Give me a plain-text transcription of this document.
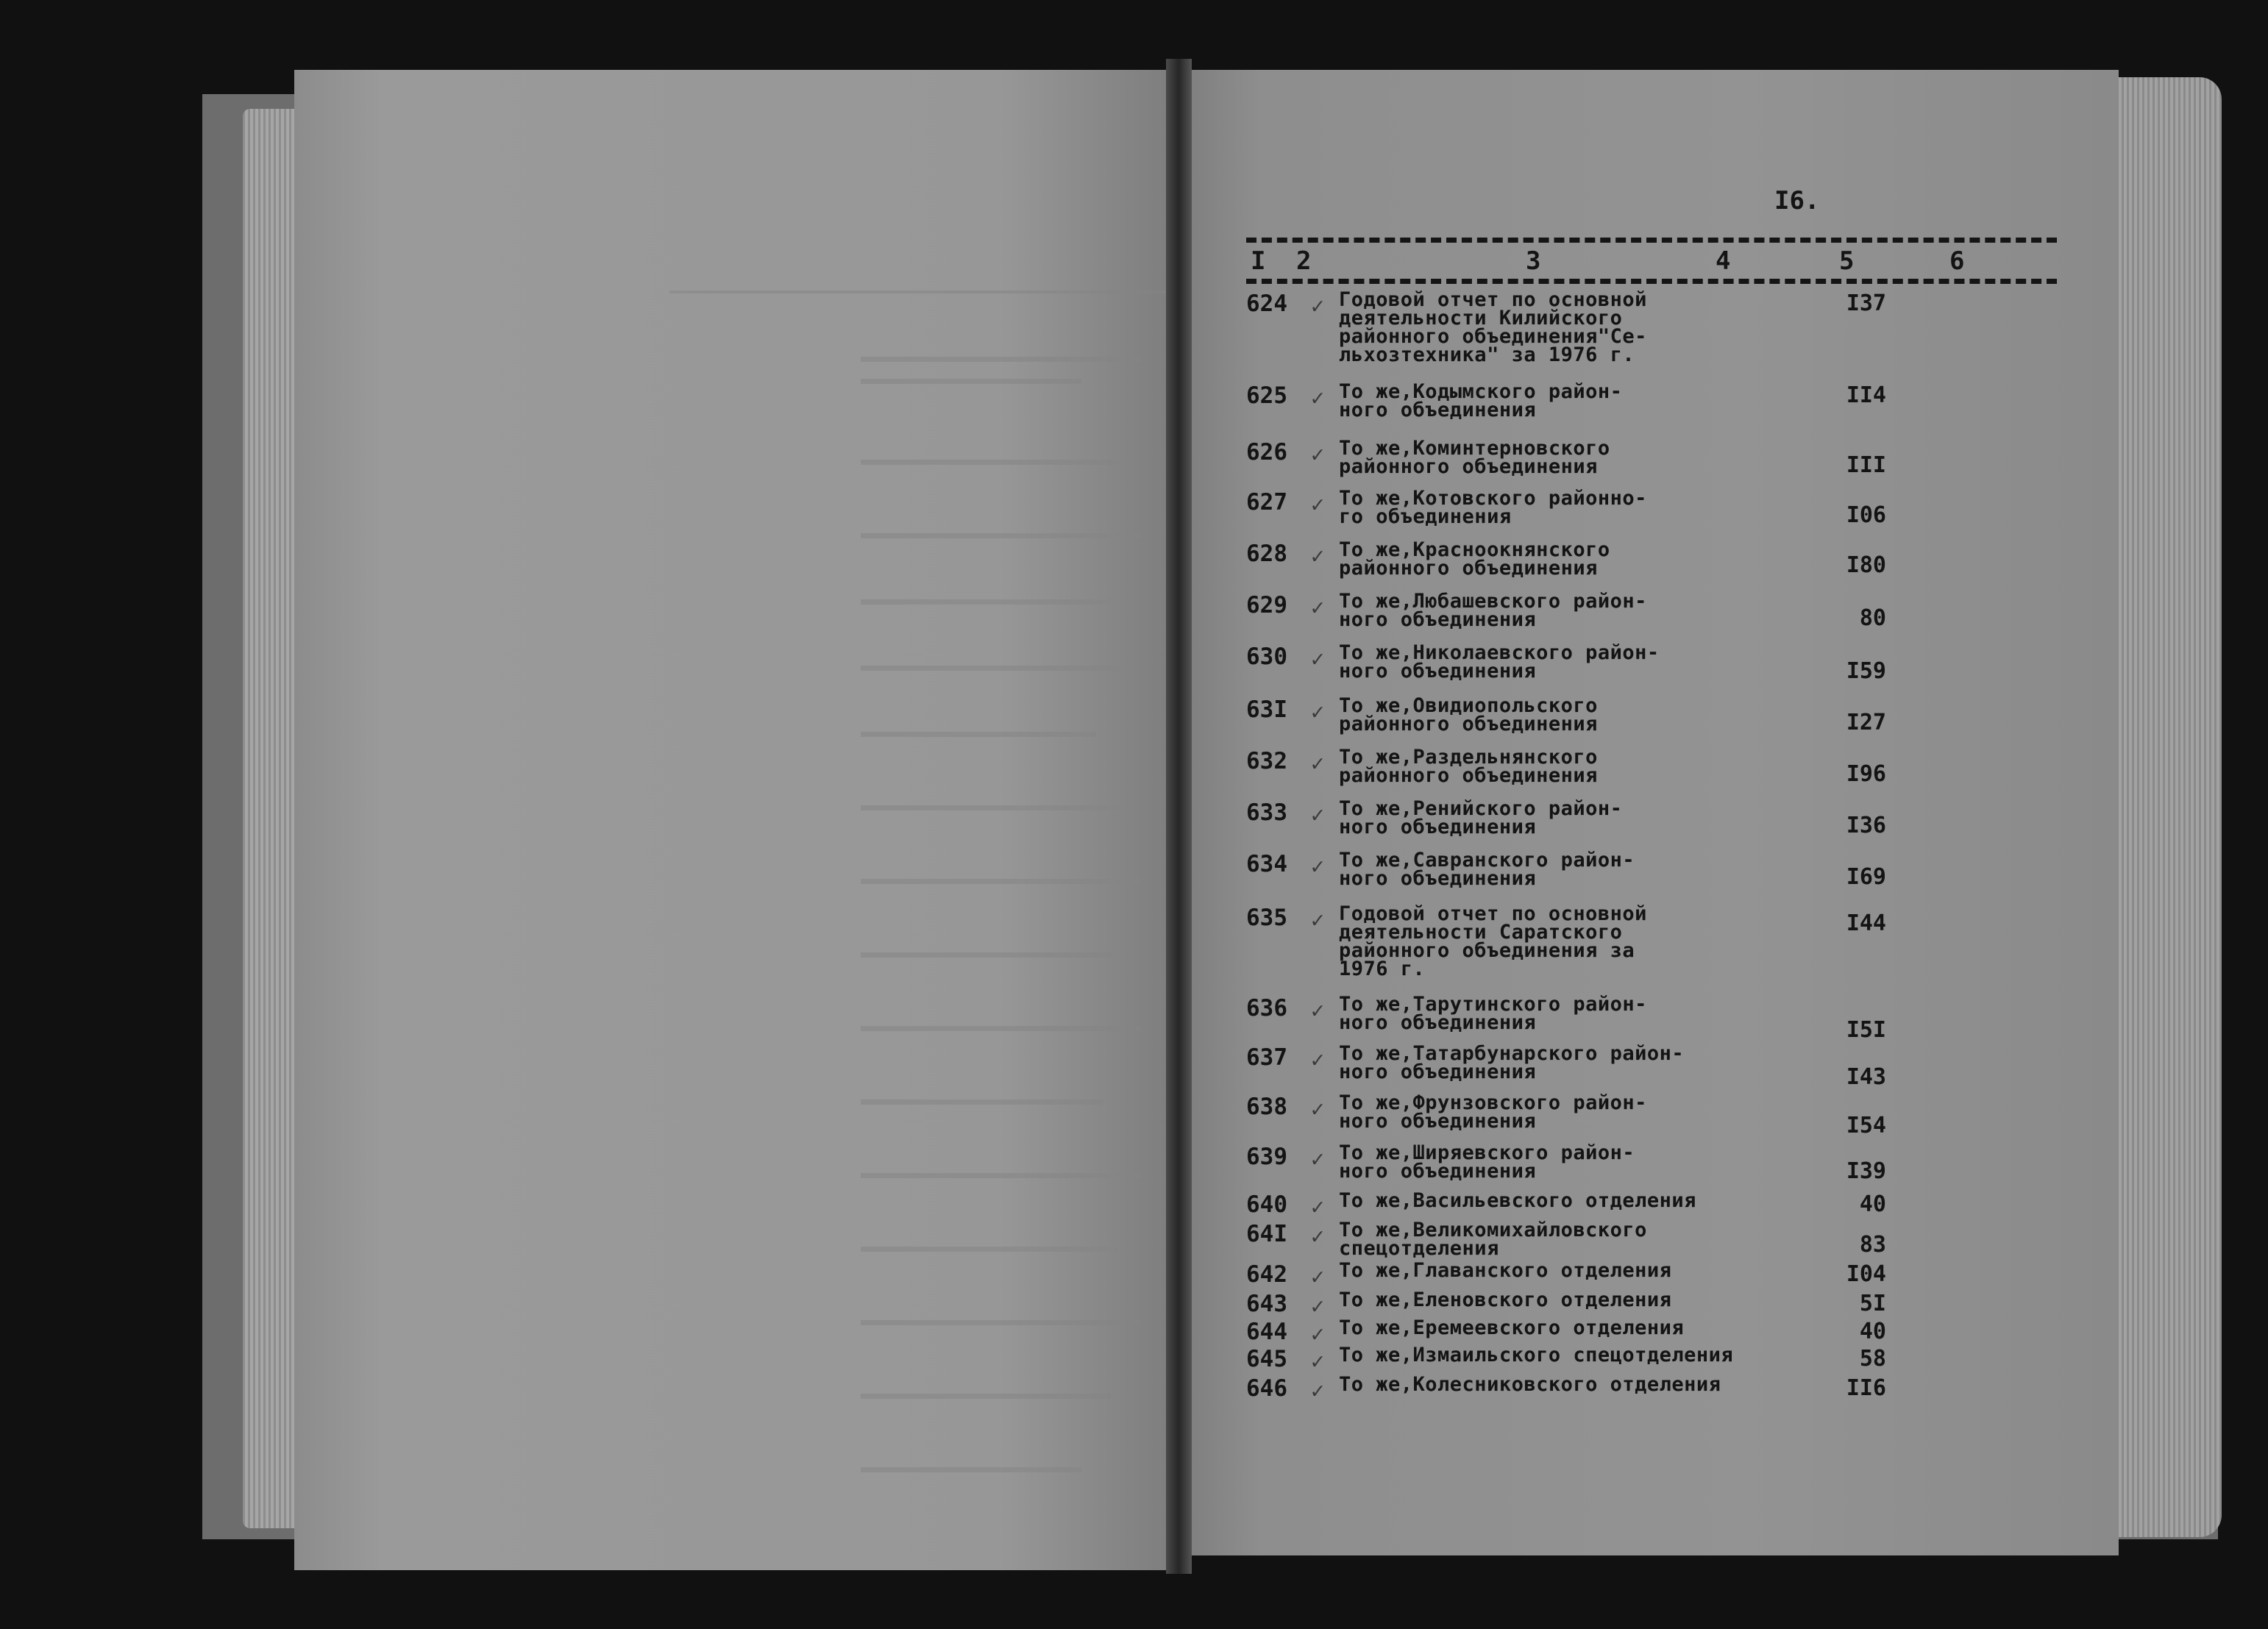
I6.
I 2	3	4	5	6
624 ✓ Годовой отчет по основной
деятельности Килийского
районного объединения"Се-
льхозтехника" за 1976 г.
I37
625 ✓ То же,Кодымского район-
ного объединения
II4
626 ✓ То же,Коминтерновского
районного объединения	III
627 ✓ То же,Котовского районно-
го объединения	I06
628 ✓ То же,Красноокнянского
районного объединения	I80
629 ✓ То же,Любашевского район-
ного объединения	80
630 ✓ То же,Николаевского район-
ного объединения	I59
63I ✓ То же,Овидиопольского
районного объединения	I27
632 ✓ То же,Раздельнянского
районного объединения	I96
633 ✓ То же,Ренийского район-
ного объединения	I36
634 ✓ То же,Савранского район-
ного объединения	I69
635 ✓ Годовой отчет по основной
деятельности Саратского
районного объединения за
1976 г.
I44
636 ✓ То же,Тарутинского район-
ного объединения	I5I
637 ✓ То же,Татарбунарского район-
ного объединения	I43
638 ✓ То же,Фрунзовского район-
ного объединения	I54
639 ✓ То же,Ширяевского район-
ного объединения	I39
640 ✓ То же,Васильевского отделения	40
64I ✓ То же,Великомихайловского
спецотделения	83
642 ✓ То же,Главанского отделения	I04
643 ✓ То же,Еленовского отделения	5I
644 ✓ То же,Еремеевского отделения	40
645 ✓ То же,Измаильского спецотделения	58
646 ✓ То же,Колесниковского отделения	II6
